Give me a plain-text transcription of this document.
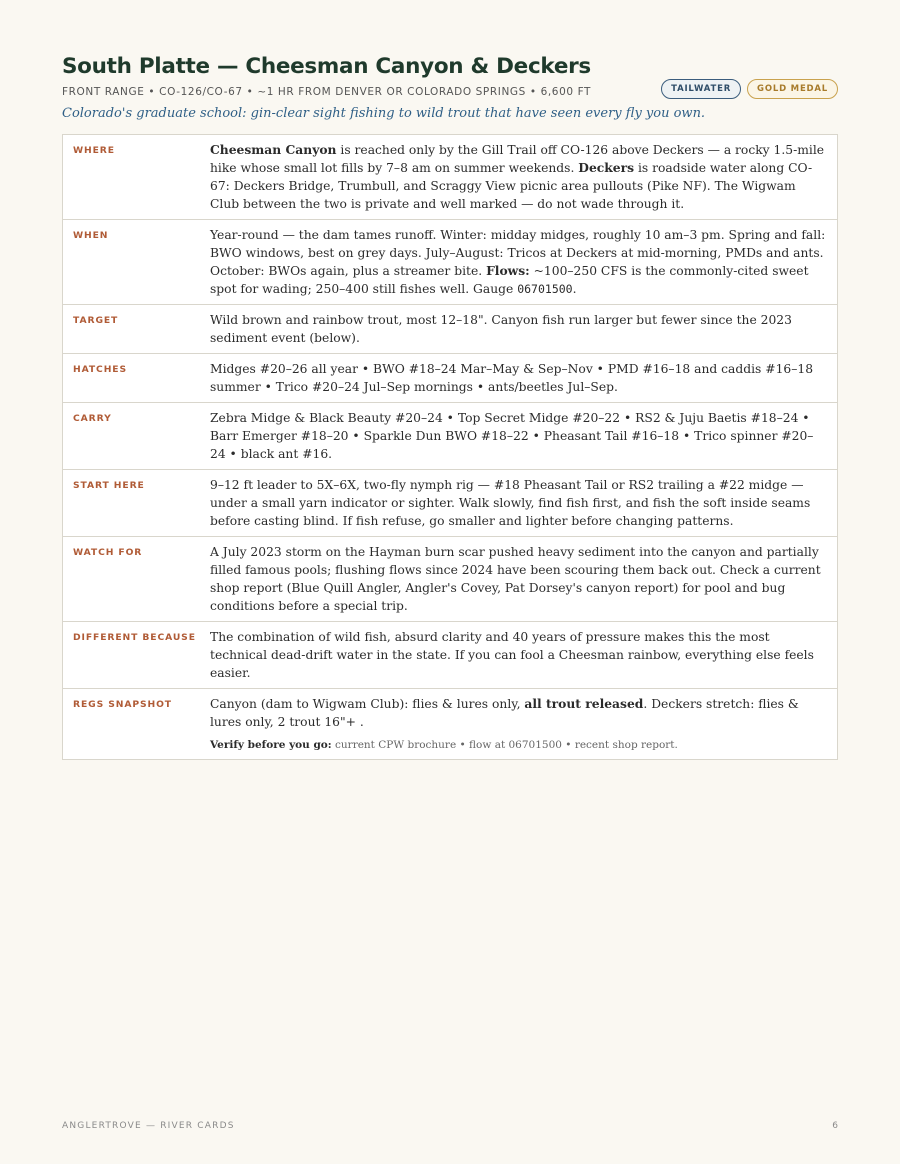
South Platte — Cheesman Canyon & Deckers
FRONT RANGE • CO-126/CO-67 • ~1 HR FROM DENVER OR COLORADO SPRINGS • 6,600 FT	TAILWATER	GOLD MEDAL

Colorado's graduate school: gin-clear sight fishing to wild trout that have seen every fly you own.

WHERE	Cheesman Canyon is reached only by the Gill Trail off CO-126 above Deckers — a rocky 1.5-mile hike whose small lot fills by 7–8 am on summer weekends. Deckers is roadside water along CO-67: Deckers Bridge, Trumbull, and Scraggy View picnic area pullouts (Pike NF). The Wigwam Club between the two is private and well marked — do not wade through it.
WHEN	Year-round — the dam tames runoff. Winter: midday midges, roughly 10 am–3 pm. Spring and fall: BWO windows, best on grey days. July–August: Tricos at Deckers at mid-morning, PMDs and ants. October: BWOs again, plus a streamer bite. Flows: ~100–250 CFS is the commonly-cited sweet spot for wading; 250–400 still fishes well. Gauge 06701500.
TARGET	Wild brown and rainbow trout, most 12–18". Canyon fish run larger but fewer since the 2023 sediment event (below).
HATCHES	Midges #20–26 all year • BWO #18–24 Mar–May & Sep–Nov • PMD #16–18 and caddis #16–18 summer • Trico #20–24 Jul–Sep mornings • ants/beetles Jul–Sep.
CARRY	Zebra Midge & Black Beauty #20–24 • Top Secret Midge #20–22 • RS2 & Juju Baetis #18–24 • Barr Emerger #18–20 • Sparkle Dun BWO #18–22 • Pheasant Tail #16–18 • Trico spinner #20–24 • black ant #16.
START HERE	9–12 ft leader to 5X–6X, two-fly nymph rig — #18 Pheasant Tail or RS2 trailing a #22 midge — under a small yarn indicator or sighter. Walk slowly, find fish first, and fish the soft inside seams before casting blind. If fish refuse, go smaller and lighter before changing patterns.
WATCH FOR	A July 2023 storm on the Hayman burn scar pushed heavy sediment into the canyon and partially filled famous pools; flushing flows since 2024 have been scouring them back out. Check a current shop report (Blue Quill Angler, Angler's Covey, Pat Dorsey's canyon report) for pool and bug conditions before a special trip.
DIFFERENT BECAUSE	The combination of wild fish, absurd clarity and 40 years of pressure makes this the most technical dead-drift water in the state. If you can fool a Cheesman rainbow, everything else feels easier.
REGS SNAPSHOT	Canyon (dam to Wigwam Club): flies & lures only, all trout released. Deckers stretch: flies & lures only, 2 trout 16"+ .
Verify before you go: current CPW brochure • flow at 06701500 • recent shop report.
ANGLERTROVE — RIVER CARDS	6
